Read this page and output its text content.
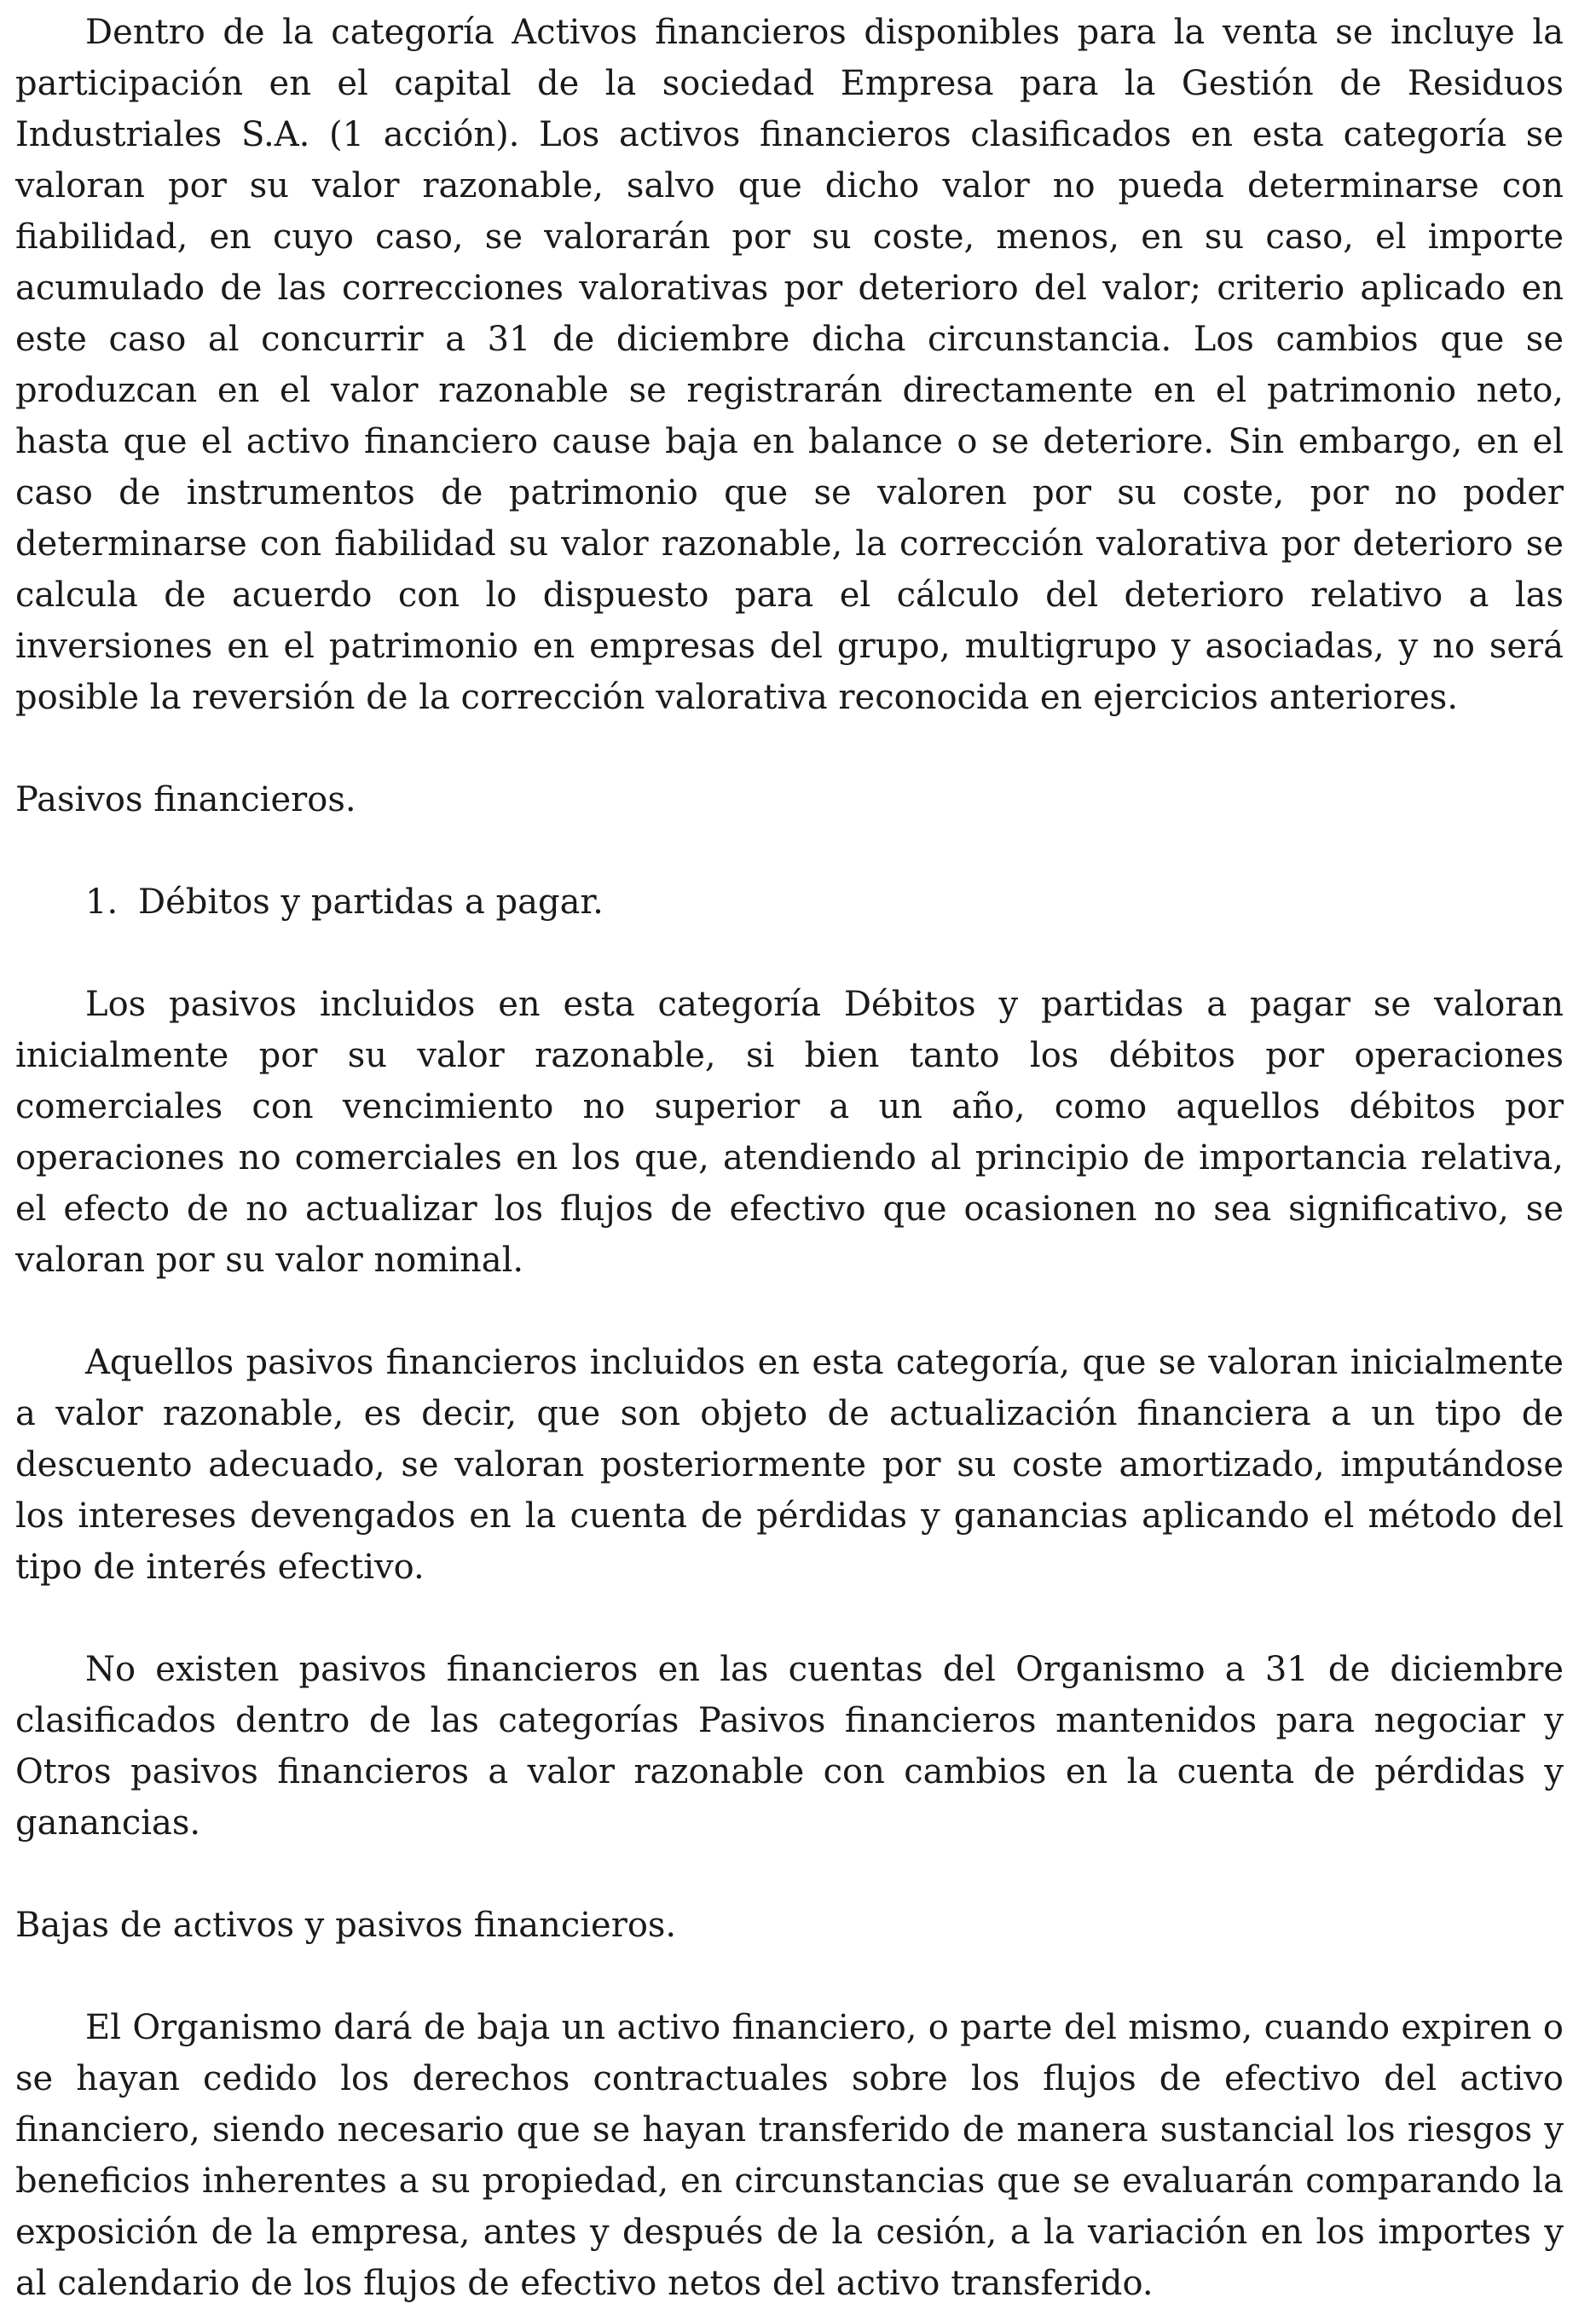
Dentro de la categoría Activos financieros disponibles para la venta se incluye la participación en el capital de la sociedad Empresa para la Gestión de Residuos Industriales S.A. (1 acción). Los activos financieros clasificados en esta categoría se valoran por su valor razonable, salvo que dicho valor no pueda determinarse con fiabilidad, en cuyo caso, se valorarán por su coste, menos, en su caso, el importe acumulado de las correcciones valorativas por deterioro del valor; criterio aplicado en este caso al concurrir a 31 de diciembre dicha circunstancia. Los cambios que se produzcan en el valor razonable se registrarán directamente en el patrimonio neto, hasta que el activo financiero cause baja en balance o se deteriore. Sin embargo, en el caso de instrumentos de patrimonio que se valoren por su coste, por no poder determinarse con fiabilidad su valor razonable, la corrección valorativa por deterioro se calcula de acuerdo con lo dispuesto para el cálculo del deterioro relativo a las inversiones en el patrimonio en empresas del grupo, multigrupo y asociadas, y no será posible la reversión de la corrección valorativa reconocida en ejercicios anteriores.

Pasivos financieros.

1. Débitos y partidas a pagar.

Los pasivos incluidos en esta categoría Débitos y partidas a pagar se valoran inicialmente por su valor razonable, si bien tanto los débitos por operaciones comerciales con vencimiento no superior a un año, como aquellos débitos por operaciones no comerciales en los que, atendiendo al principio de importancia relativa, el efecto de no actualizar los flujos de efectivo que ocasionen no sea significativo, se valoran por su valor nominal.

Aquellos pasivos financieros incluidos en esta categoría, que se valoran inicialmente a valor razonable, es decir, que son objeto de actualización financiera a un tipo de descuento adecuado, se valoran posteriormente por su coste amortizado, imputándose los intereses devengados en la cuenta de pérdidas y ganancias aplicando el método del tipo de interés efectivo.

No existen pasivos financieros en las cuentas del Organismo a 31 de diciembre clasificados dentro de las categorías Pasivos financieros mantenidos para negociar y Otros pasivos financieros a valor razonable con cambios en la cuenta de pérdidas y ganancias.

Bajas de activos y pasivos financieros.

El Organismo dará de baja un activo financiero, o parte del mismo, cuando expiren o se hayan cedido los derechos contractuales sobre los flujos de efectivo del activo financiero, siendo necesario que se hayan transferido de manera sustancial los riesgos y beneficios inherentes a su propiedad, en circunstancias que se evaluarán comparando la exposición de la empresa, antes y después de la cesión, a la variación en los importes y al calendario de los flujos de efectivo netos del activo transferido.
